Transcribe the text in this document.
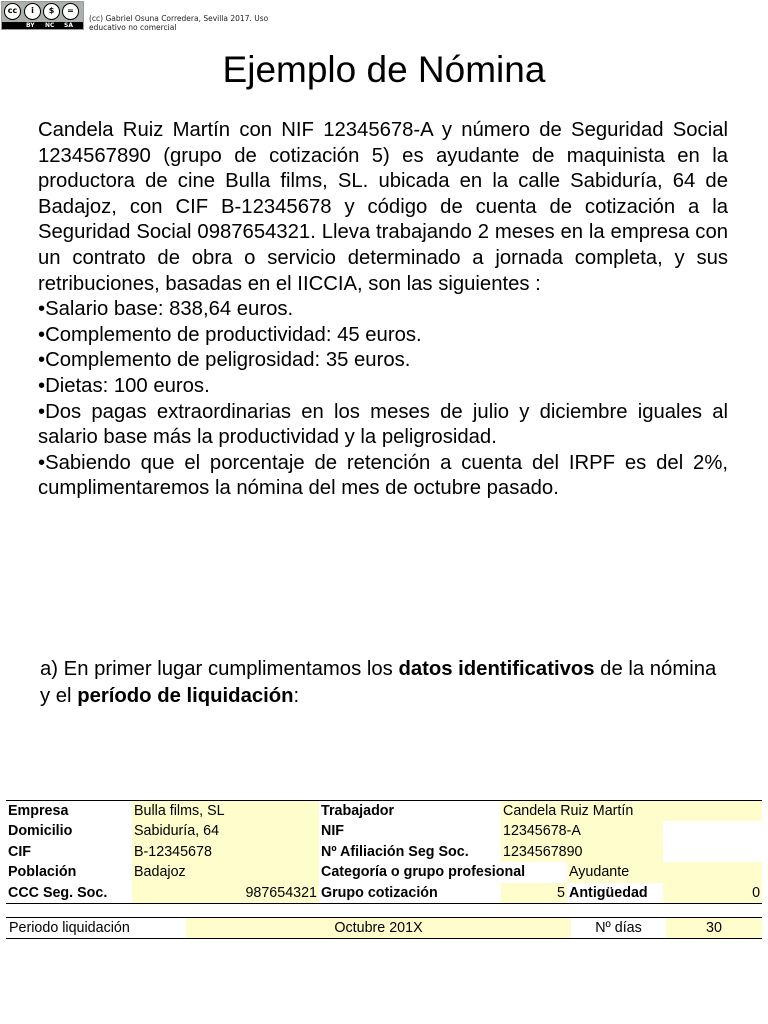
cc	i	$	=
BY NC SA
(cc) Gabriel Osuna Corredera, Sevilla 2017. Uso
educativo no comercial
Ejemplo de Nómina

Candela Ruiz Martín con NIF 12345678-A y número de Seguridad Social 1234567890 (grupo de cotización 5) es ayudante de maquinista en la productora de cine Bulla films, SL. ubicada en la calle Sabiduría, 64 de Badajoz, con CIF B-12345678 y código de cuenta de cotización a la Seguridad Social 0987654321. Lleva trabajando 2 meses en la empresa con un contrato de obra o servicio determinado a jornada completa, y sus retribuciones, basadas en el IICCIA, son las siguientes :

•Salario base: 838,64 euros.

•Complemento de productividad: 45 euros.

•Complemento de peligrosidad: 35 euros.

•Dietas: 100 euros.

•Dos pagas extraordinarias en los meses de julio y diciembre iguales al salario base más la productividad y la peligrosidad.

•Sabiendo que el porcentaje de retención a cuenta del IRPF es del 2%, cumplimentaremos la nómina del mes de octubre pasado.

a) En primer lugar cumplimentamos los datos identificativos de la nómina y el período de liquidación:

Empresa	Bulla films, SL	Trabajador	Candela Ruiz Martín		
Domicilio	Sabiduría, 64	NIF	12345678-A		
CIF	B-12345678	Nº Afiliación Seg Soc.	1234567890		
Población	Badajoz	Categoría o grupo profesional		Ayudante	
CCC Seg. Soc.	987654321	Grupo cotización	5	Antigüedad	0
Periodo liquidación	Octubre 201X	Nº días	30
